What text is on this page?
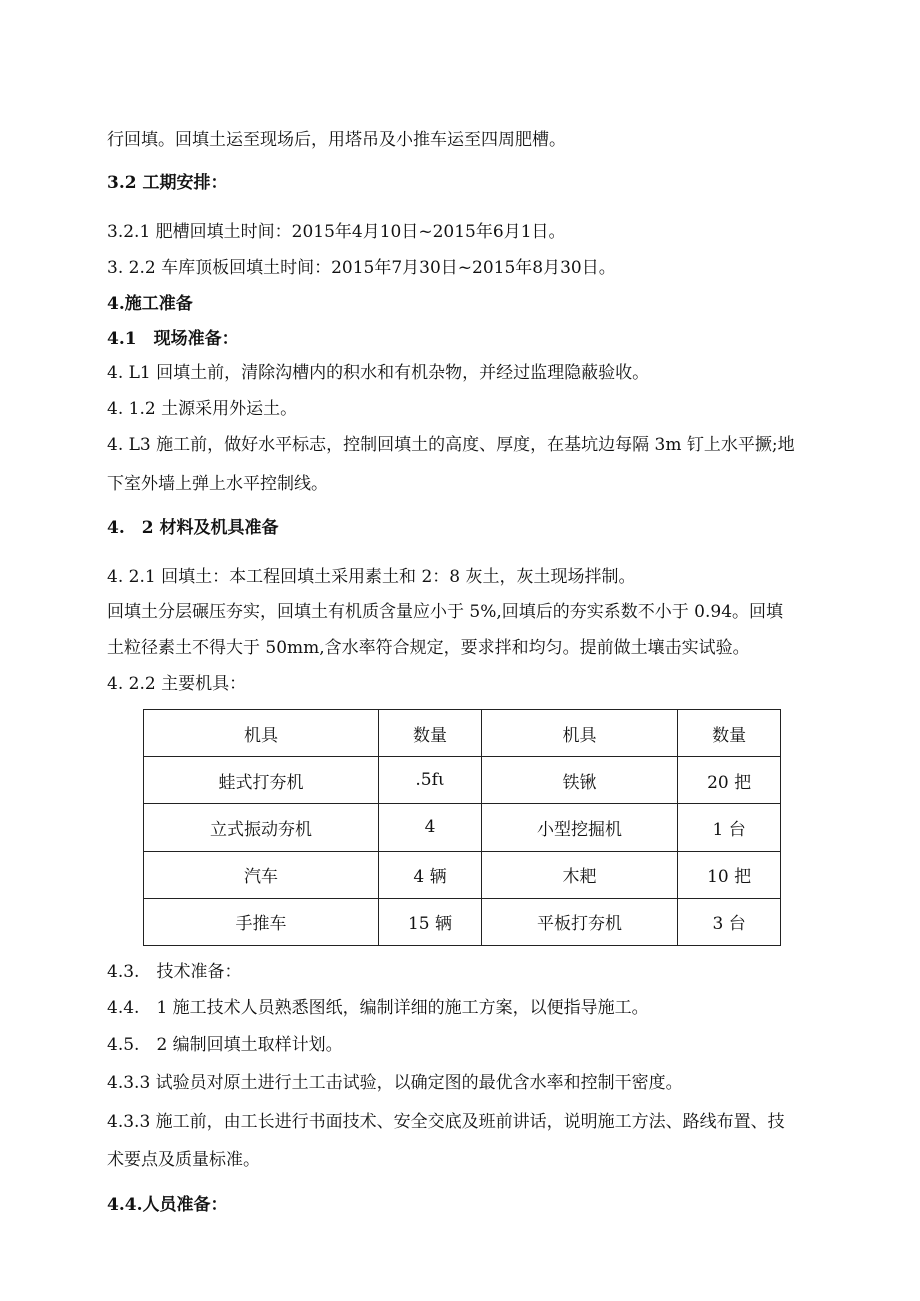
行回填。回填土运至现场后，用塔吊及小推车运至四周肥槽。
3.2 工期安排：
3.2.1 肥槽回填土时间：2015年4月10日~2015年6月1日。
3. 2.2 车库顶板回填土时间：2015年7月30日~2015年8月30日。
4.施工准备
4.1　现场准备：
4. L1 回填土前，清除沟槽内的积水和有机杂物，并经过监理隐蔽验收。
4. 1.2 土源采用外运土。
4. L3 施工前，做好水平标志，控制回填土的高度、厚度，在基坑边每隔 3m 钉上水平撅;地
下室外墙上弹上水平控制线。
4.　2 材料及机具准备
4. 2.1 回填土：本工程回填土采用素土和 2：8 灰土，灰土现场拌制。
回填土分层碾压夯实，回填土有机质含量应小于 5%,回填后的夯实系数不小于 0.94。回填
土粒径素土不得大于 50mm,含水率符合规定，要求拌和均匀。提前做土壤击实试验。
4. 2.2 主要机具：
机具	数量	机具	数量
蛙式打夯机	.5fι	铁锹	20 把
立式振动夯机	4	小型挖掘机	1 台
汽车	4 辆	木耙	10 把
手推车	15 辆	平板打夯机	3 台
4.3.　技术准备：
4.4.　1 施工技术人员熟悉图纸，编制详细的施工方案，以便指导施工。
4.5.　2 编制回填土取样计划。
4.3.3 试验员对原土进行土工击试验，以确定图的最优含水率和控制干密度。
4.3.3 施工前，由工长进行书面技术、安全交底及班前讲话，说明施工方法、路线布置、技
术要点及质量标准。
4.4.人员准备：
